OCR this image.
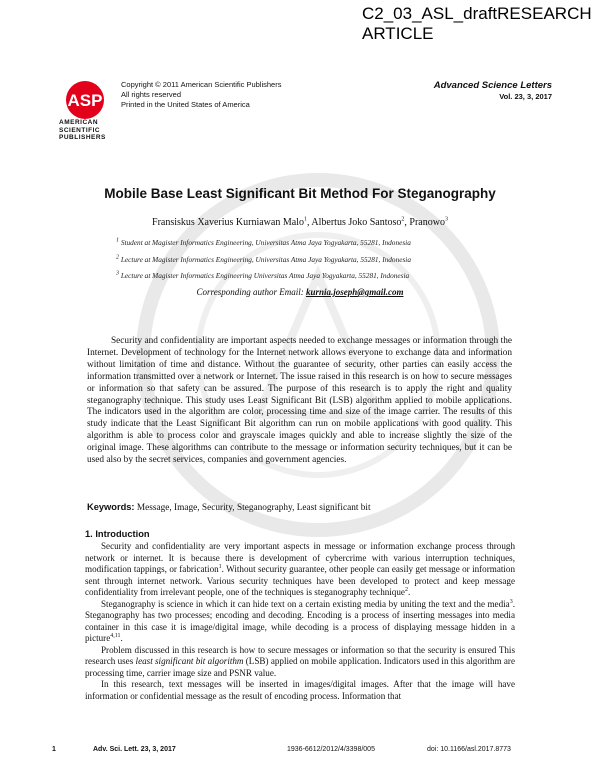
C2_03_ASL_draftRESEARCH ARTICLE
ASP
AMERICAN
SCIENTIFIC
PUBLISHERS
Copyright © 2011 American Scientific Publishers
All rights reserved
Printed in the United States of America
Advanced Science Letters
Vol. 23, 3, 2017
Mobile Base Least Significant Bit Method For Steganography
Fransiskus Xaverius Kurniawan Malo$^1$, Albertus Joko Santoso$^2$, Pranowo$^3$
$^1$ Student at Magister Informatics Engineering, Universitas Atma Jaya Yogyakarta, 55281, Indonesia
$^2$ Lecture at Magister Informatics Engineering, Universitas Atma Jaya Yogyakarta, 55281, Indonesia
$^3$ Lecture at Magister Informatics Engineering Universitas Atma Jaya Yogyakarta, 55281, Indonesia
Corresponding author Email: kurnia.joseph@gmail.com
Security and confidentiality are important aspects needed to exchange messages or information through the Internet. Development of technology for the Internet network allows everyone to exchange data and information without limitation of time and distance. Without the guarantee of security, other parties can easily access the information transmitted over a network or Internet. The issue raised in this research is on how to secure messages or information so that safety can be assured. The purpose of this research is to apply the right and quality steganography technique. This study uses Least Significant Bit (LSB) algorithm applied to mobile applications. The indicators used in the algorithm are color, processing time and size of the image carrier. The results of this study indicate that the Least Significant Bit algorithm can run on mobile applications with good quality. This algorithm is able to process color and grayscale images quickly and able to increase slightly the size of the original image. These algorithms can contribute to the message or information security techniques, but it can be used also by the secret services, companies and government agencies.
Keywords: Message, Image, Security, Steganography, Least significant bit
1. Introduction

Security and confidentiality are very important aspects in message or information exchange process through network or internet. It is because there is development of cybercrime with various interruption techniques, modification tappings, or fabrication$^1$. Without security guarantee, other people can easily get message or information sent through internet network. Various security techniques have been developed to protect and keep message confidentiality from irrelevant people, one of the techniques is steganography technique$^2$.

Steganography is science in which it can hide text on a certain existing media by uniting the text and the media$^3$. Steganography has two processes; encoding and decoding. Encoding is a process of inserting messages into media container in this case it is image/digital image, while decoding is a process of displaying message hidden in a picture$^{4,11}$.

Problem discussed in this research is how to secure messages or information so that the security is ensured This research uses least significant bit algorithm (LSB) applied on mobile application. Indicators used in this algorithm are processing time, carrier image size and PSNR value.

In this research, text messages will be inserted in images/digital images. After that the image will have information or confidential message as the result of encoding process. Information that

1	Adv. Sci. Lett. 23, 3, 2017	1936-6612/2012/4/3398/005	doi: 10.1166/asl.2017.8773
